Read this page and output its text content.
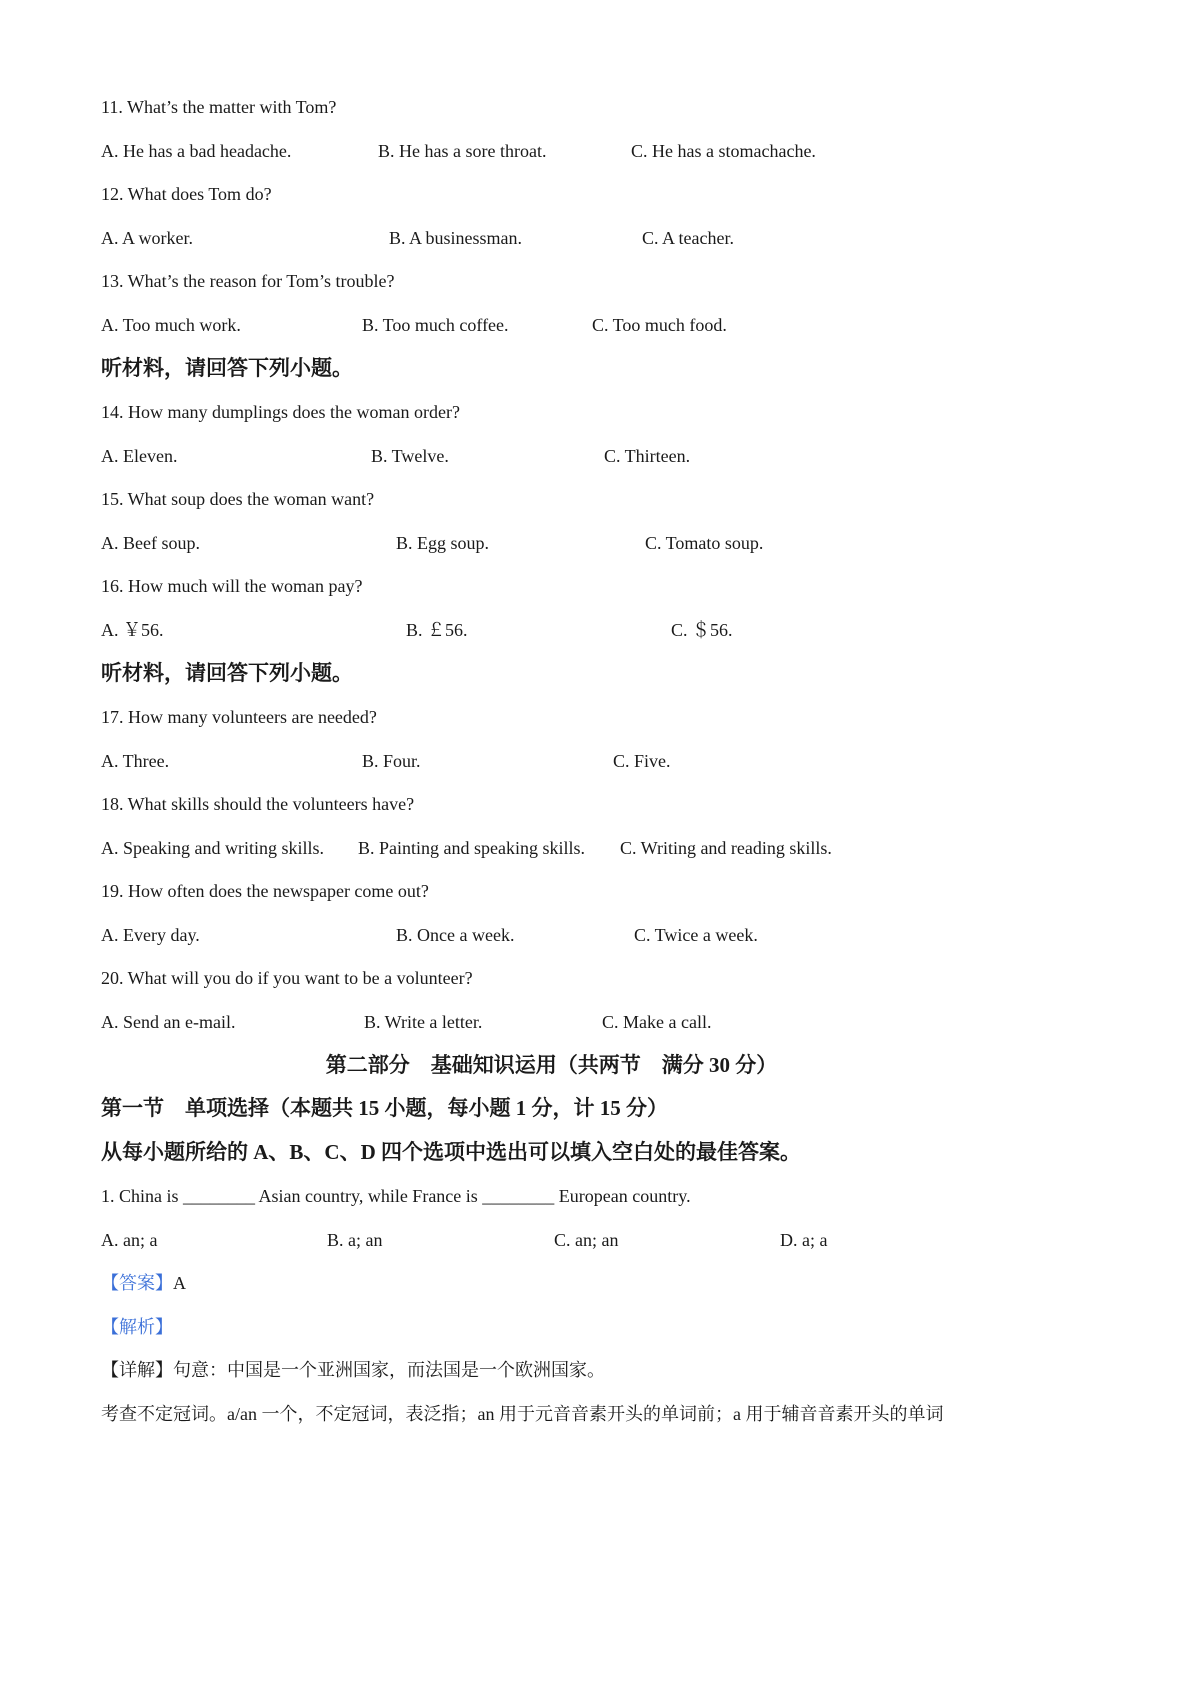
11. What’s the matter with Tom?
A. He has a bad headache.	B. He has a sore throat.	C. He has a stomachache.
12. What does Tom do?
A. A worker.	B. A businessman.	C. A teacher.
13. What’s the reason for Tom’s trouble?
A. Too much work.	B. Too much coffee.	C. Too much food.
听材料，请回答下列小题。
14. How many dumplings does the woman order?
A. Eleven.	B. Twelve.	C. Thirteen.
15. What soup does the woman want?
A. Beef soup.	B. Egg soup.	C. Tomato soup.
16. How much will the woman pay?
A. ￥56.	B. ￡56.	C. ＄56.
听材料，请回答下列小题。
17. How many volunteers are needed?
A. Three.	B. Four.	C. Five.
18. What skills should the volunteers have?
A. Speaking and writing skills. B. Painting and speaking skills. C. Writing and reading skills.
19. How often does the newspaper come out?
A. Every day.	B. Once a week.	C. Twice a week.
20. What will you do if you want to be a volunteer?
A. Send an e-mail.	B. Write a letter.	C. Make a call.
第二部分　基础知识运用（共两节　满分 30 分）
第一节　单项选择（本题共 15 小题，每小题 1 分，计 15 分）
从每小题所给的 A、B、C、D 四个选项中选出可以填入空白处的最佳答案。
1. China is ________ Asian country, while France is ________ European country.
A. an; a	B. a; an	C. an; an	D. a; a
【答案】A
【解析】
【详解】句意：中国是一个亚洲国家，而法国是一个欧洲国家。
考查不定冠词。a/an 一个，不定冠词，表泛指；an 用于元音音素开头的单词前；a 用于辅音音素开头的单词
